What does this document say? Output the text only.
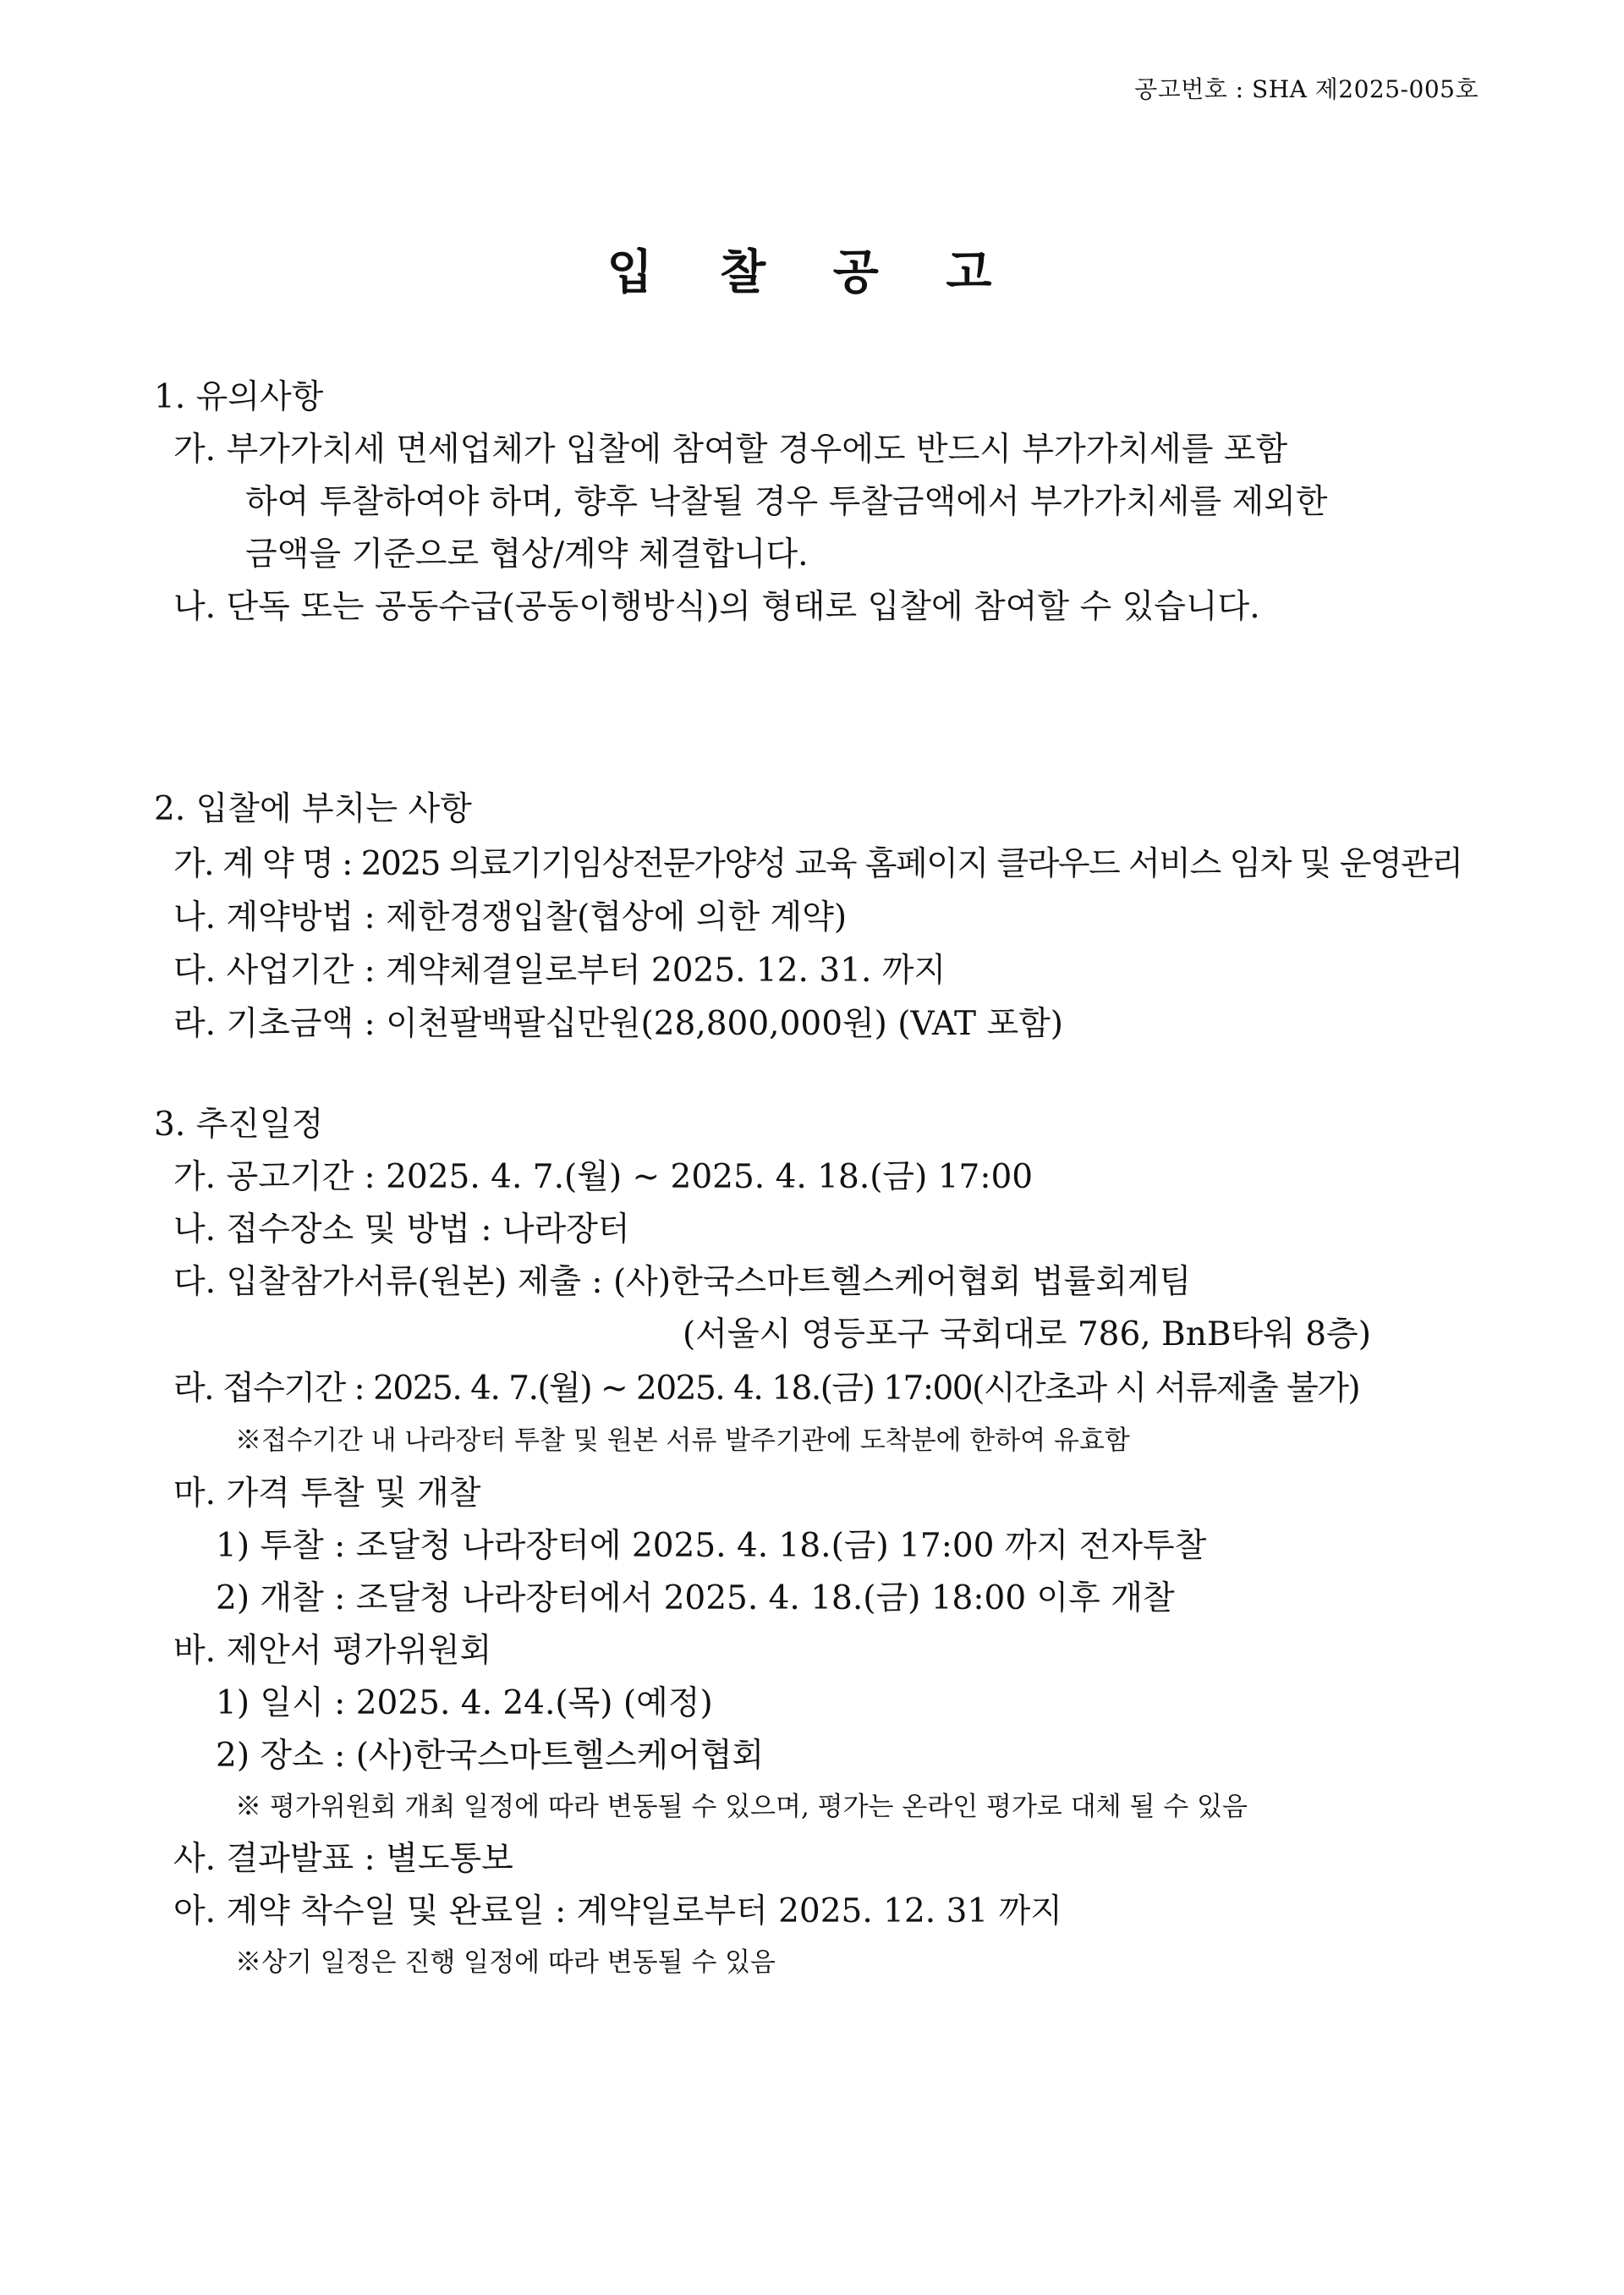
공고번호 : SHA 제2025-005호
입 찰 공 고
1. 유의사항
가. 부가가치세 면세업체가 입찰에 참여할 경우에도 반드시 부가가치세를 포함
하여 투찰하여야 하며, 향후 낙찰될 경우 투찰금액에서 부가가치세를 제외한
금액을 기준으로 협상/계약 체결합니다.
나. 단독 또는 공동수급(공동이행방식)의 형태로 입찰에 참여할 수 있습니다.
2. 입찰에 부치는 사항
가. 계 약 명 : 2025 의료기기임상전문가양성 교육 홈페이지 클라우드 서비스 임차 및 운영관리
나. 계약방법 : 제한경쟁입찰(협상에 의한 계약)
다. 사업기간 : 계약체결일로부터 2025. 12. 31. 까지
라. 기초금액 : 이천팔백팔십만원(28,800,000원) (VAT 포함)
3. 추진일정
가. 공고기간 : 2025. 4. 7.(월) ~ 2025. 4. 18.(금) 17:00
나. 접수장소 및 방법 : 나라장터
다. 입찰참가서류(원본) 제출 : (사)한국스마트헬스케어협회 법률회계팀
(서울시 영등포구 국회대로 786, BnB타워 8층)
라. 접수기간 : 2025. 4. 7.(월) ~ 2025. 4. 18.(금) 17:00(시간초과 시 서류제출 불가)
※접수기간 내 나라장터 투찰 및 원본 서류 발주기관에 도착분에 한하여 유효함
마. 가격 투찰 및 개찰
1) 투찰 : 조달청 나라장터에 2025. 4. 18.(금) 17:00 까지 전자투찰
2) 개찰 : 조달청 나라장터에서 2025. 4. 18.(금) 18:00 이후 개찰
바. 제안서 평가위원회
1) 일시 : 2025. 4. 24.(목) (예정)
2) 장소 : (사)한국스마트헬스케어협회
※ 평가위원회 개최 일정에 따라 변동될 수 있으며, 평가는 온라인 평가로 대체 될 수 있음
사. 결과발표 : 별도통보
아. 계약 착수일 및 완료일 : 계약일로부터 2025. 12. 31 까지
※상기 일정은 진행 일정에 따라 변동될 수 있음
